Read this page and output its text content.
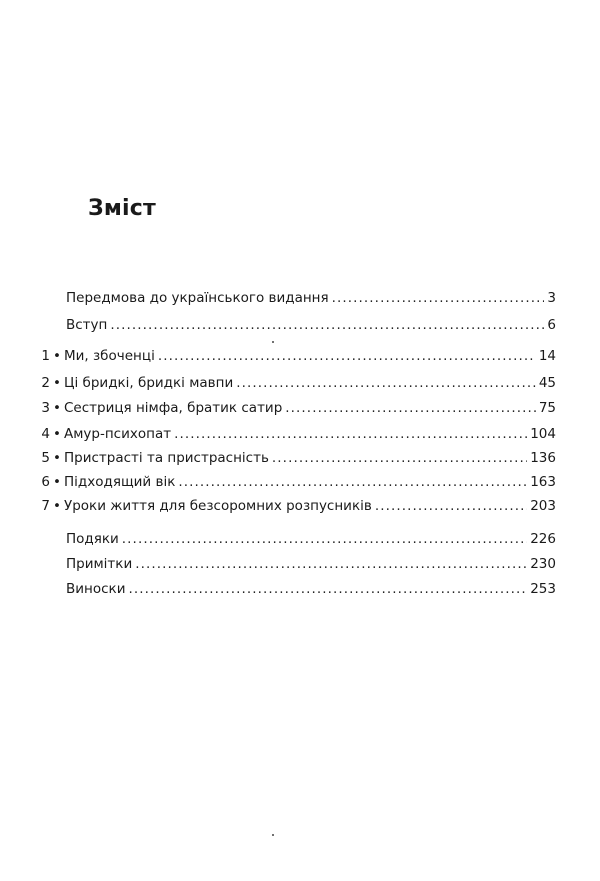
Зміст
Передмова до українського видання . . .	3
Вступ . . .	6
1 • Ми, збоченці . . .	14
2 • Ці бридкі, бридкі мавпи . . .	45
3 • Сестриця німфа, братик сатир . . .	75
4 • Амур-психопат . . .	104
5 • Пристрасті та пристрасність . . .	136
6 • Підходящий вік . . .	163
7 • Уроки життя для безсоромних розпусників . . .	203
Подяки . . .	226
Примітки . . .	230
Виноски . . .	253
